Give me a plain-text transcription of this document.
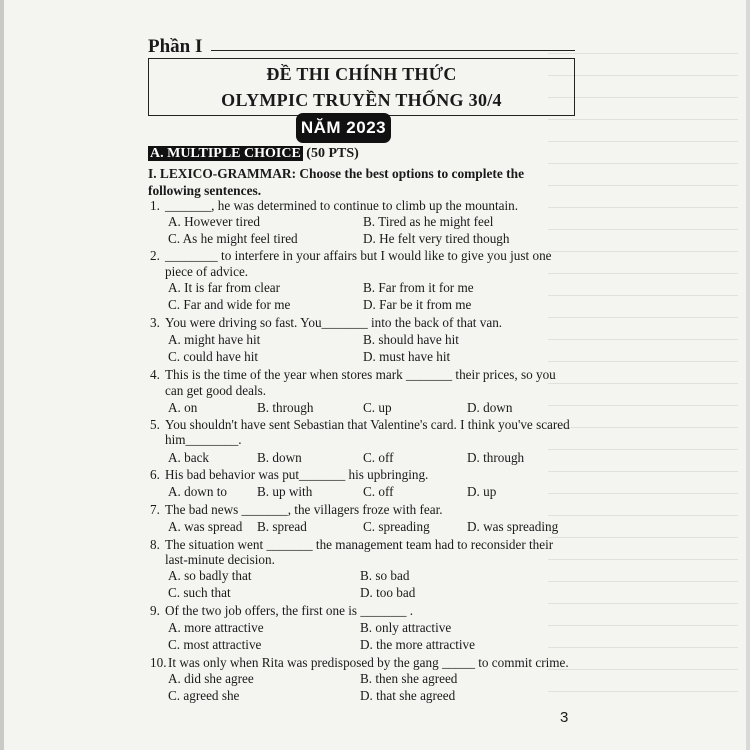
Phần I
ĐỀ THI CHÍNH THỨC
OLYMPIC TRUYỀN THỐNG 30/4
NĂM 2023
A. MULTIPLE CHOICE (50 PTS)
I. LEXICO-GRAMMAR: Choose the best options to complete the following sentences.
1. _______, he was determined to continue to climb up the mountain.
A. However tired	B. Tired as he might feel
C. As he might feel tired	D. He felt very tired though
2. ________ to interfere in your affairs but I would like to give you just one
piece of advice.
A. It is far from clear	B. Far from it for me
C. Far and wide for me	D. Far be it from me
3. You were driving so fast. You_______ into the back of that van.
A. might have hit	B. should have hit
C. could have hit	D. must have hit
4. This is the time of the year when stores mark _______ their prices, so you
can get good deals.
A. on	B. through	C. up	D. down
5. You shouldn't have sent Sebastian that Valentine's card. I think you've scared
him________.
A. back	B. down	C. off	D. through
6. His bad behavior was put_______ his upbringing.
A. down to B. up with	C. off	D. up
7. The bad news _______, the villagers froze with fear.
A. was spread B. spread	C. spreading	D. was spreading
8. The situation went _______ the management team had to reconsider their
last-minute decision.
A. so badly that	B. so bad
C. such that	D. too bad
9. Of the two job offers, the first one is _______ .
A. more attractive	B. only attractive
C. most attractive	D. the more attractive
10. It was only when Rita was predisposed by the gang _____ to commit crime.
A. did she agree	B. then she agreed
C. agreed she	D. that she agreed
3
